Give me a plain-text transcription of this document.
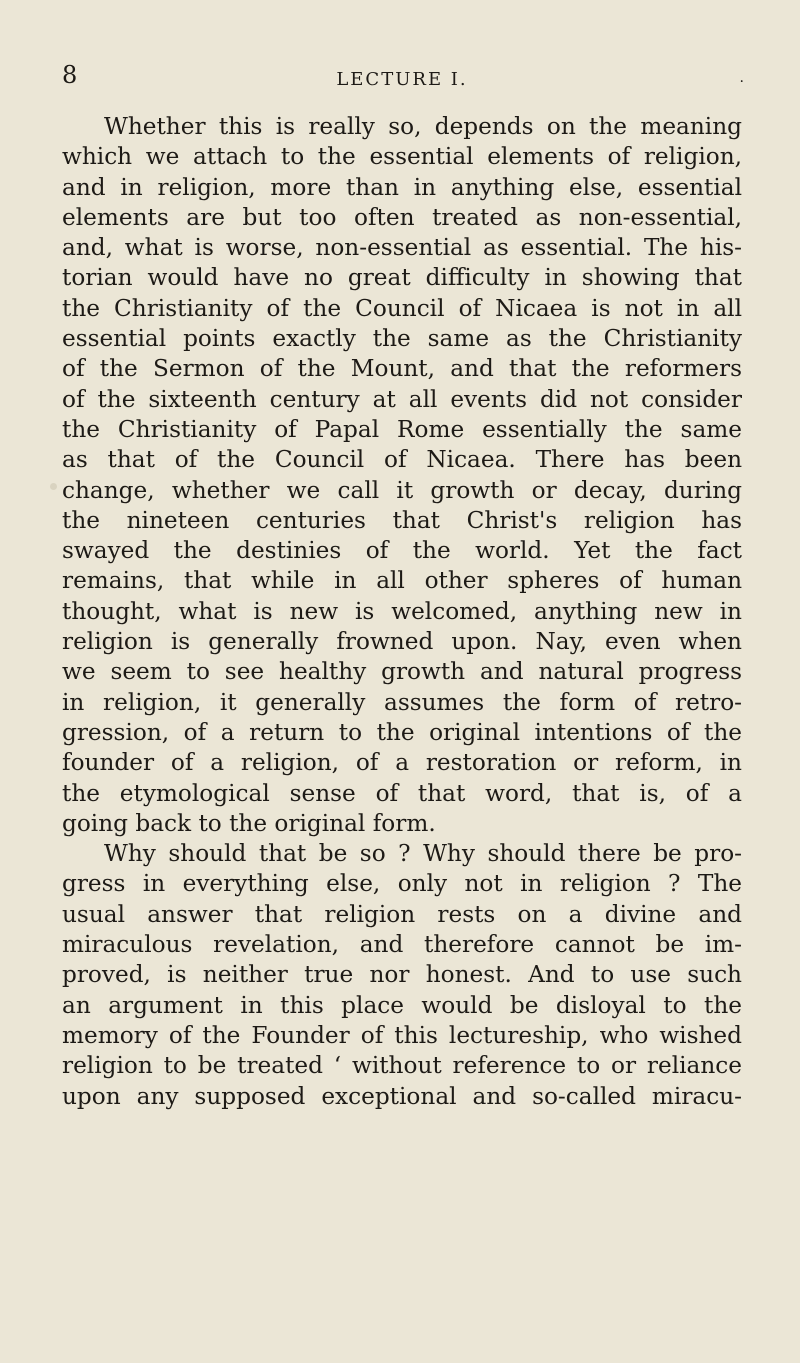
8	LECTURE I.	.
Whether this is really so, depends on the meaning
which we attach to the essential elements of religion,
and in religion, more than in anything else, essential
elements are but too often treated as non-essential,
and, what is worse, non-essential as essential. The his-
torian would have no great difficulty in showing that
the Christianity of the Council of Nicaea is not in all
essential points exactly the same as the Christianity
of the Sermon of the Mount, and that the reformers
of the sixteenth century at all events did not consider
the Christianity of Papal Rome essentially the same
as that of the Council of Nicaea. There has been
change, whether we call it growth or decay, during
the nineteen centuries that Christ's religion has
swayed the destinies of the world. Yet the fact
remains, that while in all other spheres of human
thought, what is new is welcomed, anything new in
religion is generally frowned upon. Nay, even when
we seem to see healthy growth and natural progress
in religion, it generally assumes the form of retro-
gression, of a return to the original intentions of the
founder of a religion, of a restoration or reform, in
the etymological sense of that word, that is, of a
going back to the original form.
Why should that be so ? Why should there be pro-
gress in everything else, only not in religion ? The
usual answer that religion rests on a divine and
miraculous revelation, and therefore cannot be im-
proved, is neither true nor honest. And to use such
an argument in this place would be disloyal to the
memory of the Founder of this lectureship, who wished
religion to be treated ‘ without reference to or reliance
upon any supposed exceptional and so-called miracu-
